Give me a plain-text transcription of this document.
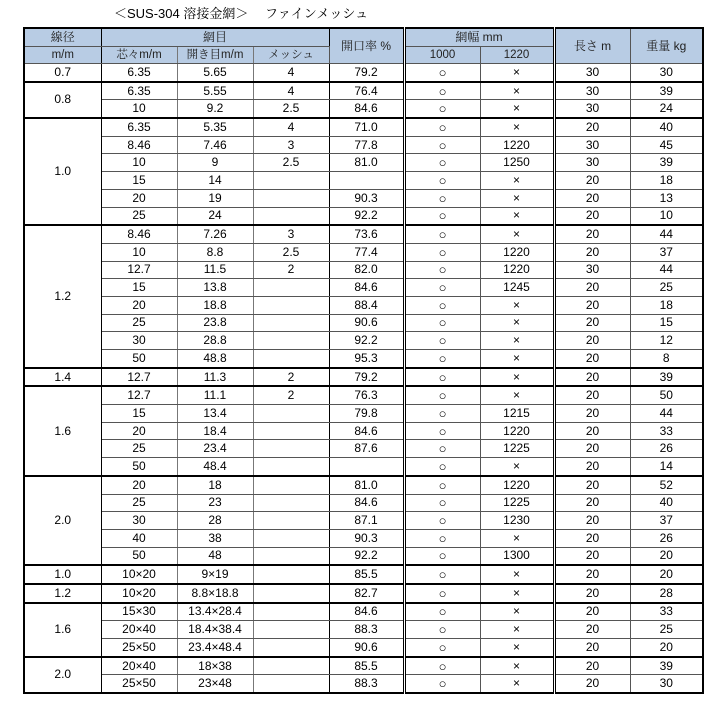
＜SUS-304 溶接金網＞　 ファインメッシュ
線径	網目			開口率 %	網幅 mm		長さ m	重量 kg
m/m	芯々m/m	開き目m/m	メッシュ		1000	1220		
0.7	6.35	5.65	4	79.2	○	×	30	30
0.8	6.35	5.55	4	76.4	○	×	30	39
	10	9.2	2.5	84.6	○	×	30	24
1.0	6.35	5.35	4	71.0	○	×	20	40
	8.46	7.46	3	77.8	○	1220	30	45
	10	9	2.5	81.0	○	1250	30	39
	15	14			○	×	20	18
	20	19		90.3	○	×	20	13
	25	24		92.2	○	×	20	10
1.2	8.46	7.26	3	73.6	○	×	20	44
	10	8.8	2.5	77.4	○	1220	20	37
	12.7	11.5	2	82.0	○	1220	30	44
	15	13.8		84.6	○	1245	20	25
	20	18.8		88.4	○	×	20	18
	25	23.8		90.6	○	×	20	15
	30	28.8		92.2	○	×	20	12
	50	48.8		95.3	○	×	20	8
1.4	12.7	11.3	2	79.2	○	×	20	39
1.6	12.7	11.1	2	76.3	○	×	20	50
	15	13.4		79.8	○	1215	20	44
	20	18.4		84.6	○	1220	20	33
	25	23.4		87.6	○	1225	20	26
	50	48.4			○	×	20	14
2.0	20	18		81.0	○	1220	20	52
	25	23		84.6	○	1225	20	40
	30	28		87.1	○	1230	20	37
	40	38		90.3	○	×	20	26
	50	48		92.2	○	1300	20	20
1.0	10×20	9×19		85.5	○	×	20	20
1.2	10×20	8.8×18.8		82.7	○	×	20	28
1.6	15×30	13.4×28.4		84.6	○	×	20	33
	20×40	18.4×38.4		88.3	○	×	20	25
	25×50	23.4×48.4		90.6	○	×	20	20
2.0	20×40	18×38		85.5	○	×	20	39
	25×50	23×48		88.3	○	×	20	30
